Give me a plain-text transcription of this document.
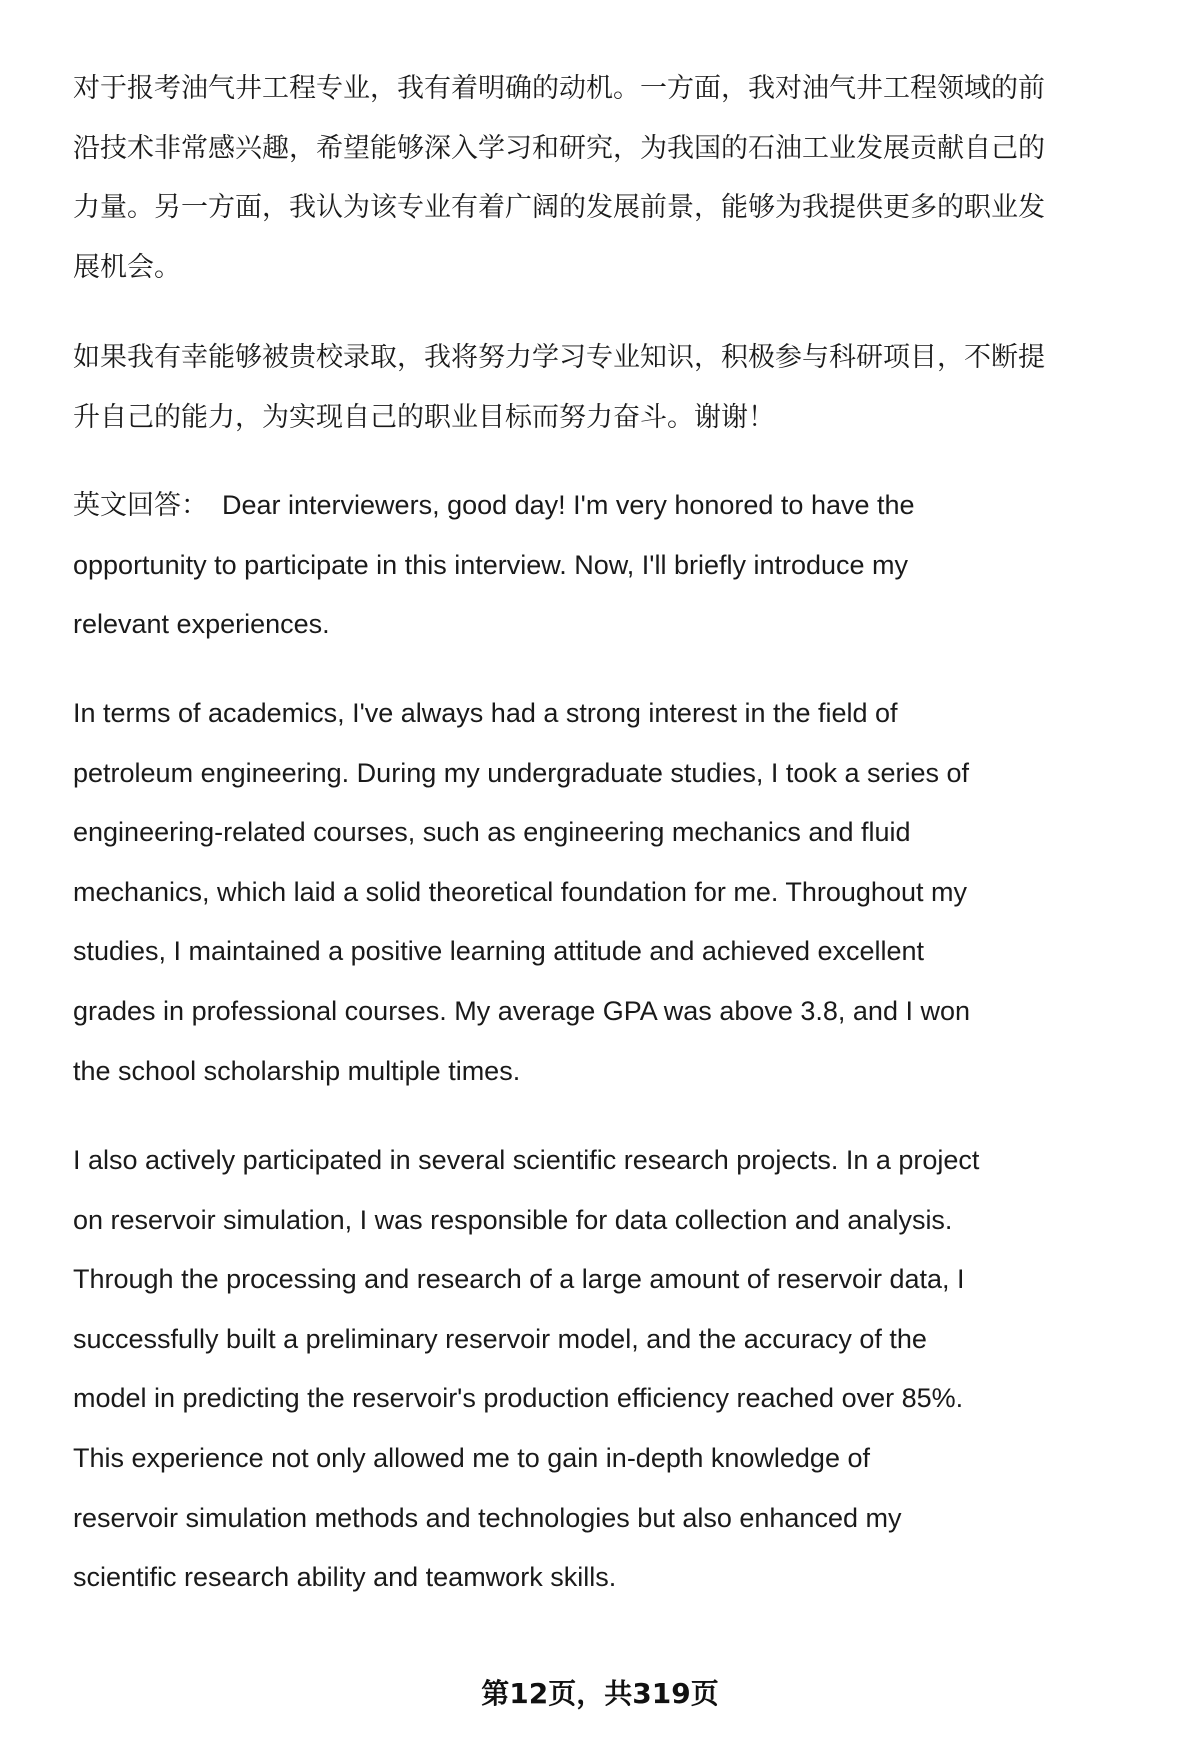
对于报考油气井工程专业，我有着明确的动机。一方面，我对油气井工程领域的前
沿技术非常感兴趣，希望能够深入学习和研究，为我国的石油工业发展贡献自己的
力量。另一方面，我认为该专业有着广阔的发展前景，能够为我提供更多的职业发
展机会。
如果我有幸能够被贵校录取，我将努力学习专业知识，积极参与科研项目，不断提
升自己的能力，为实现自己的职业目标而努力奋斗。谢谢！
英文回答： Dear interviewers, good day! I'm very honored to have the
opportunity to participate in this interview. Now, I'll briefly introduce my
relevant experiences.
In terms of academics, I've always had a strong interest in the field of
petroleum engineering. During my undergraduate studies, I took a series of
engineering-related courses, such as engineering mechanics and fluid
mechanics, which laid a solid theoretical foundation for me. Throughout my
studies, I maintained a positive learning attitude and achieved excellent
grades in professional courses. My average GPA was above 3.8, and I won
the school scholarship multiple times.
I also actively participated in several scientific research projects. In a project
on reservoir simulation, I was responsible for data collection and analysis.
Through the processing and research of a large amount of reservoir data, I
successfully built a preliminary reservoir model, and the accuracy of the
model in predicting the reservoir's production efficiency reached over 85%.
This experience not only allowed me to gain in-depth knowledge of
reservoir simulation methods and technologies but also enhanced my
scientific research ability and teamwork skills.
第12页，共319页
